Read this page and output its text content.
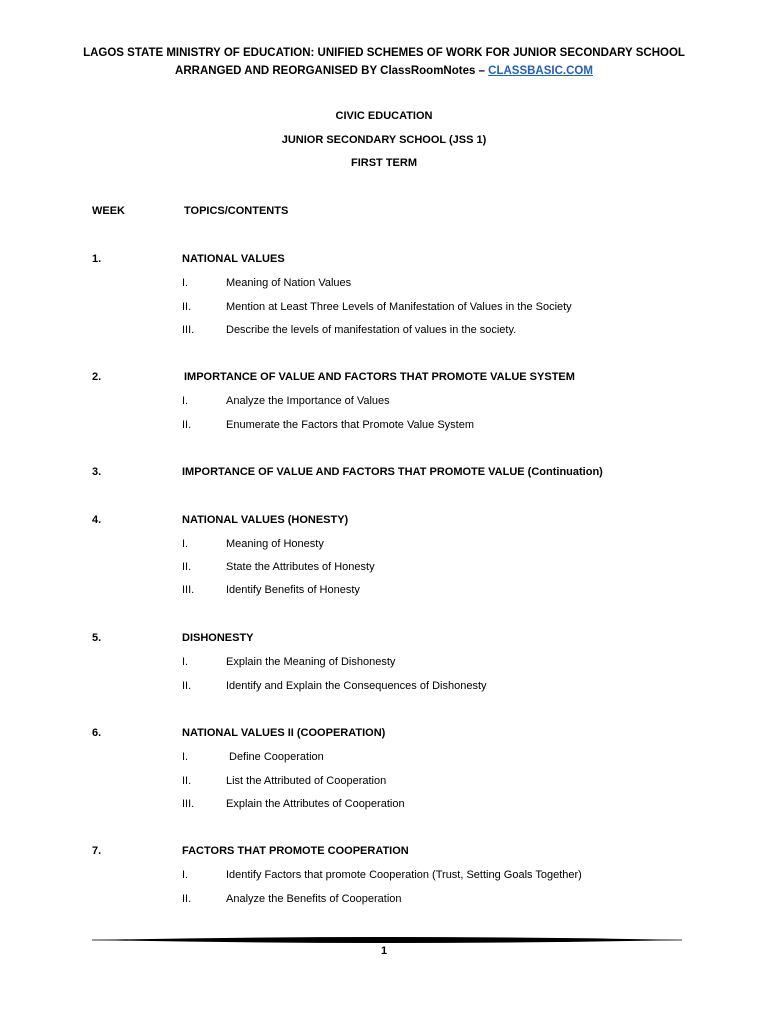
LAGOS STATE MINISTRY OF EDUCATION: UNIFIED SCHEMES OF WORK FOR JUNIOR SECONDARY SCHOOL
ARRANGED AND REORGANISED BY ClassRoomNotes – CLASSBASIC.COM
CIVIC EDUCATION
JUNIOR SECONDARY SCHOOL (JSS 1)
FIRST TERM
WEEK	TOPICS/CONTENTS
1.	NATIONAL VALUES
I.	Meaning of Nation Values
II.	Mention at Least Three Levels of Manifestation of Values in the Society
III.	Describe the levels of manifestation of values in the society.
2.	IMPORTANCE OF VALUE AND FACTORS THAT PROMOTE VALUE SYSTEM
I.	Analyze the Importance of Values
II.	Enumerate the Factors that Promote Value System
3.	IMPORTANCE OF VALUE AND FACTORS THAT PROMOTE VALUE (Continuation)
4.	NATIONAL VALUES (HONESTY)
I.	Meaning of Honesty
II.	State the Attributes of Honesty
III.	Identify Benefits of Honesty
5.	DISHONESTY
I.	Explain the Meaning of Dishonesty
II.	Identify and Explain the Consequences of Dishonesty
6.	NATIONAL VALUES II (COOPERATION)
I.	Define Cooperation
II.	List the Attributed of Cooperation
III.	Explain the Attributes of Cooperation
7.	FACTORS THAT PROMOTE COOPERATION
I.	Identify Factors that promote Cooperation (Trust, Setting Goals Together)
II.	Analyze the Benefits of Cooperation
1
